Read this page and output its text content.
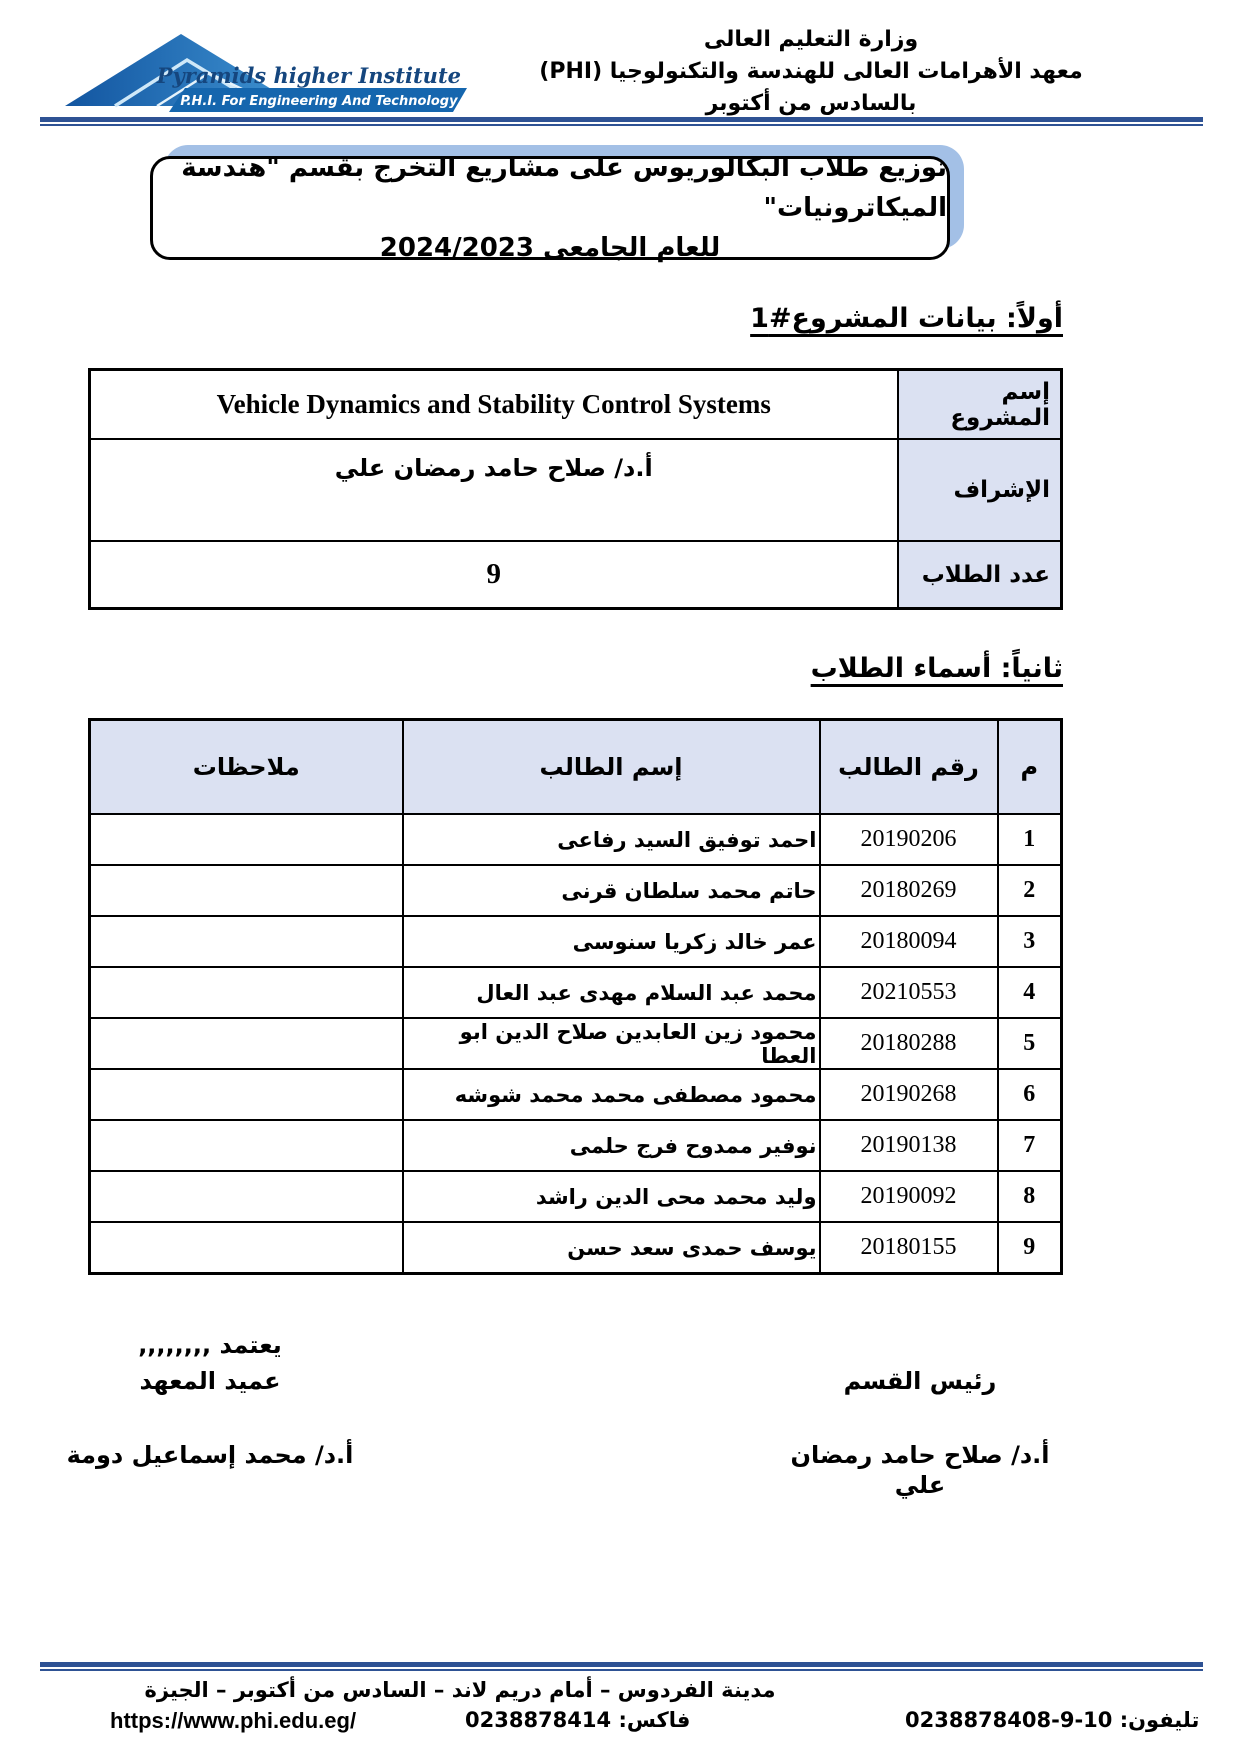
Pyramids higher Institute
P.H.I. For Engineering And Technology
وزارة التعليم العالى
معهد الأهرامات العالى للهندسة والتكنولوجيا (PHI)
بالسادس من أكتوبر
توزيع طلاب البكالوريوس على مشاريع التخرج بقسم "هندسة الميكاترونيات"
للعام الجامعى 2024/2023
أولاً: بيانات المشروع#‏1
إسم المشروع	Vehicle Dynamics and Stability Control Systems
الإشراف	أ.د/ صلاح حامد رمضان علي
عدد الطلاب	9
ثانياً: أسماء الطلاب
م	رقم الطالب	إسم الطالب	ملاحظات
1	20190206	احمد توفيق السيد رفاعى	
2	20180269	حاتم محمد سلطان قرنى	
3	20180094	عمر خالد زكريا سنوسى	
4	20210553	محمد عبد السلام مهدى عبد العال	
5	20180288	محمود زين العابدين صلاح الدين ابو العطا	
6	20190268	محمود مصطفى محمد محمد شوشه	
7	20190138	نوفير ممدوح فرج حلمى	
8	20190092	وليد محمد محى الدين راشد	
9	20180155	يوسف حمدى سعد حسن	
يعتمد ,,,,,,,,
عميد المعهد
أ.د/ محمد إسماعيل دومة
رئيس القسم
أ.د/ صلاح حامد رمضان علي
مدينة الفردوس – أمام دريم لاند – السادس من أكتوبر – الجيزة
تليفون: 0238878408-9-10
فاكس: 0238878414
https://www.phi.edu.eg/
